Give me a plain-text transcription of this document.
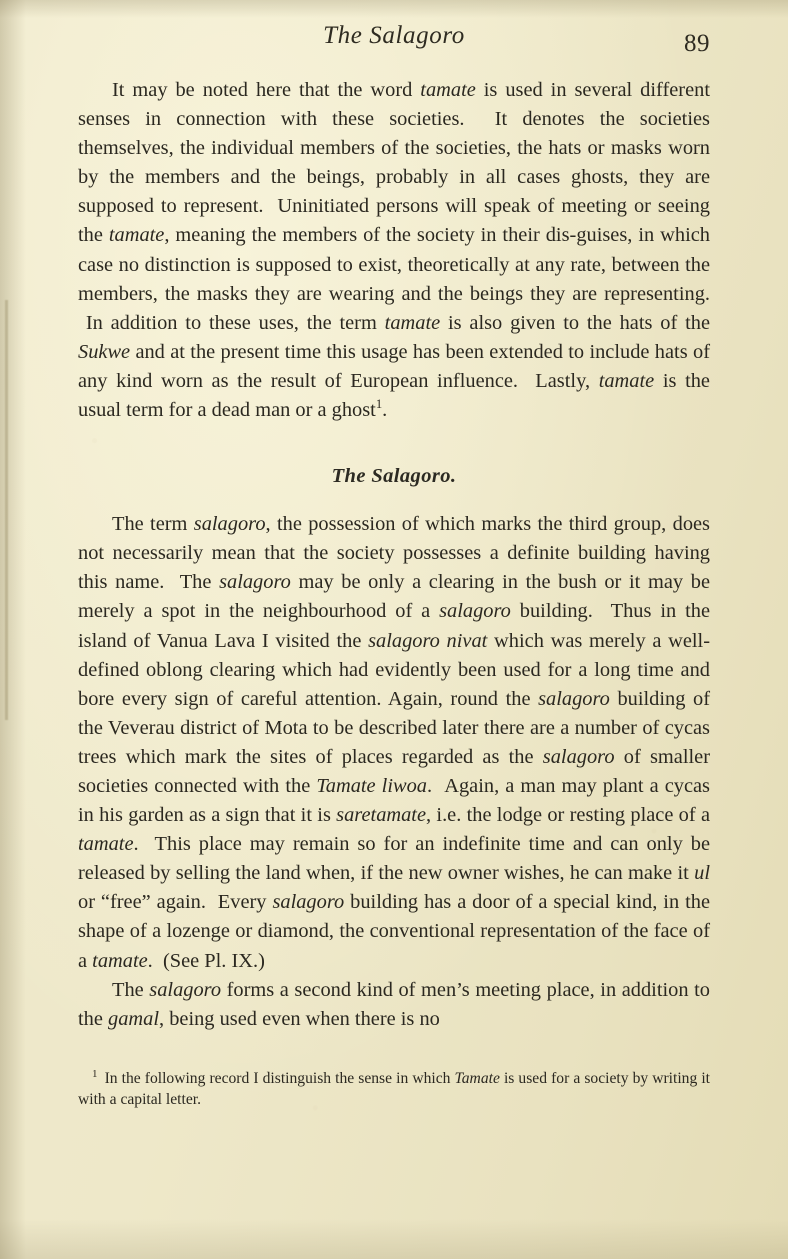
The Salagoro	89

It may be noted here that the word tamate is used in several different senses in connection with these societies.  It denotes the societies themselves, the individual members of the societies, the hats or masks worn by the members and the beings, probably in all cases ghosts, they are supposed to represent.  Uninitiated persons will speak of meeting or seeing the tamate, meaning the members of the society in their dis-guises, in which case no distinction is supposed to exist, theoretically at any rate, between the members, the masks they are wearing and the beings they are representing.  In addition to these uses, the term tamate is also given to the hats of the Sukwe and at the present time this usage has been extended to include hats of any kind worn as the result of European influence.  Lastly, tamate is the usual term for a dead man or a ghost$^1$.

The Salagoro.

The term salagoro, the possession of which marks the third group, does not necessarily mean that the society possesses a definite building having this name.  The salagoro may be only a clearing in the bush or it may be merely a spot in the neighbourhood of a salagoro building.  Thus in the island of Vanua Lava I visited the salagoro nivat which was merely a well-defined oblong clearing which had evidently been used for a long time and bore every sign of careful attention. Again, round the salagoro building of the Veverau district of Mota to be described later there are a number of cycas trees which mark the sites of places regarded as the salagoro of smaller societies connected with the Tamate liwoa.  Again, a man may plant a cycas in his garden as a sign that it is saretamate, i.e. the lodge or resting place of a tamate.  This place may remain so for an indefinite time and can only be released by selling the land when, if the new owner wishes, he can make it ul or “free” again.  Every salagoro building has a door of a special kind, in the shape of a lozenge or diamond, the conventional representation of the face of a tamate.  (See Pl. IX.)

The salagoro forms a second kind of men’s meeting place, in addition to the gamal, being used even when there is no

$^1$ In the following record I distinguish the sense in which Tamate is used for a society by writing it with a capital letter.
